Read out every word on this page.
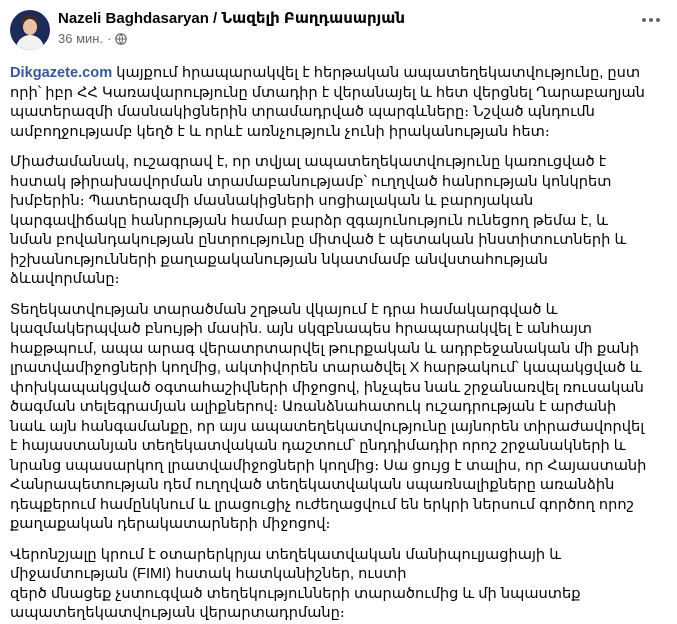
Nazeli Baghdasaryan / Նազելի Բաղդասարյան
36 мин. ·

Dikgazete.com կայքում հրապարակվել է հերթական ապատեղեկատվությունը, ըստ որի՝ իբր ՀՀ Կառավարությունը մտադիր է վերանայել և հետ վերցնել Ղարաբաղյան պատերազմի մասնակիցներին տրամադրված պարգևները։ Նշված պնդումն ամբողջությամբ կեղծ է և որևէ առնչություն չունի իրականության հետ։

Միաժամանակ, ուշագրավ է, որ տվյալ ապատեղեկատվությունը կառուցված է հստակ թիրախավորման տրամաբանությամբ՝ ուղղված հանրության կոնկրետ խմբերին։ Պատերազմի մասնակիցների սոցիալական և բարոյական կարգավիճակը հանրության համար բարձր զգայունություն ունեցող թեմա է, և նման բովանդակության ընտրությունը միտված է պետական ինստիտուտների և իշխանությունների քաղաքականության նկատմամբ անվստահության ձևավորմանը։

Տեղեկատվության տարածման շղթան վկայում է դրա համակարգված և կազմակերպված բնույթի մասին. այն սկզբնապես հրապարակվել է անհայտ հաքթպում, ապա արագ վերատրտարվել թուրքական և ադրբեջանական մի քանի լրատվամիջոցների կողմից, ակտիվորեն տարածվել X հարթակում՝ կապակցված և փոխկապակցված օգտահաշիվների միջոցով, ինչպես նաև շրջանառվել ռուսական ծագման տելեգրամյան ալիքներով։ Առանձնահատուկ ուշադրության է արժանի նաև այն հանգամանքը, որ այս ապատեղեկատվությունը լայնորեն տիրաժավորվել է հայաստանյան տեղեկատվական դաշտում՝ ընդդիմադիր որոշ շրջանակների և նրանց սպասարկող լրատվամիջոցների կողմից։ Սա ցույց է տալիս, որ Հայաստանի Հանրապետության դեմ ուղղված տեղեկատվական սպառնալիքները առանձին դեպքերում համընկնում և լրացուցիչ ուժեղացվում են երկրի ներսում գործող որոշ քաղաքական դերակատարների միջոցով։

Վերոնշյալը կրում է օտարերկրյա տեղեկատվական մանիպուլյացիայի և միջամտության (FIMI) հստակ հատկանիշներ, ուստի
զերծ մնացեք չստուգված տեղեկությունների տարածումից և մի նպաստեք ապատեղեկատվության վերարտադրմանը։
